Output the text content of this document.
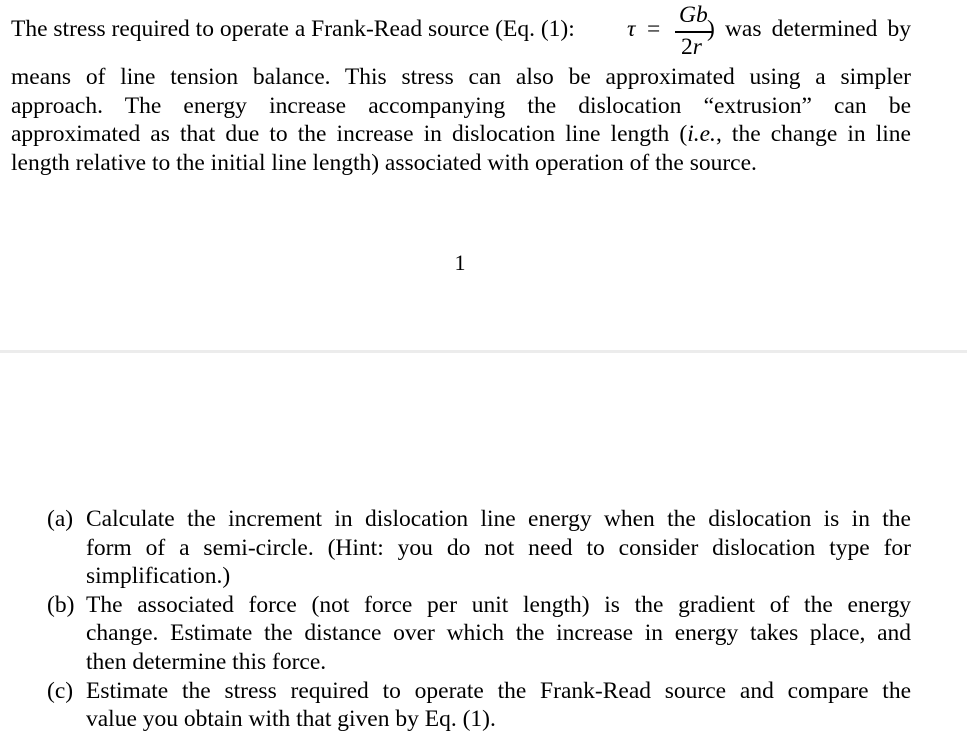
The stress required to operate a Frank-Read source (Eq. (1): τ =
Gb
2r
) was determined by
means of line tension balance. This stress can also be approximated using a simpler
approach. The energy increase accompanying the dislocation “extrusion” can be
approximated as that due to the increase in dislocation line length (i.e., the change in line
length relative to the initial line length) associated with operation of the source.
1
(a) Calculate the increment in dislocation line energy when the dislocation is in the
form of a semi-circle. (Hint: you do not need to consider dislocation type for
simplification.)
(b) The associated force (not force per unit length) is the gradient of the energy
change. Estimate the distance over which the increase in energy takes place, and
then determine this force.
(c) Estimate the stress required to operate the Frank-Read source and compare the
value you obtain with that given by Eq. (1).
